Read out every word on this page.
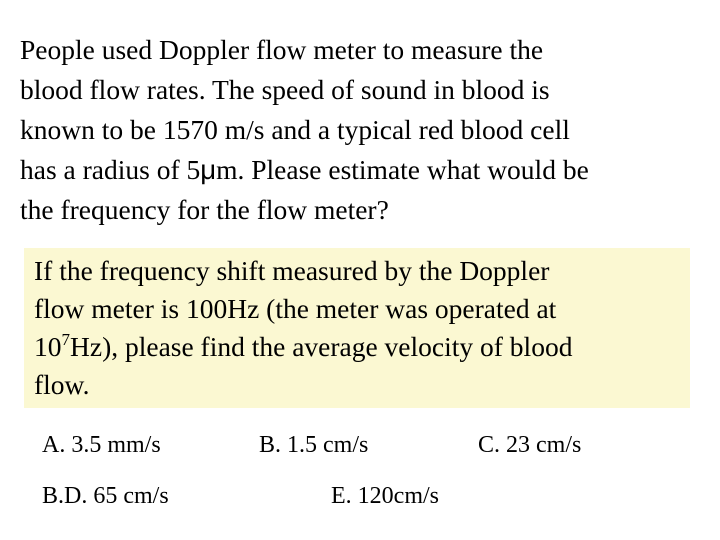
People used Doppler flow meter to measure the
blood flow rates. The speed of sound in blood is
known to be 1570 m/s and a typical red blood cell
has a radius of 5μm. Please estimate what would be
the frequency for the flow meter?
If the frequency shift measured by the Doppler
flow meter is 100Hz (the meter was operated at
$10^7Hz$), please find the average velocity of blood
flow.
A. 3.5 mm/s	B. 1.5 cm/s	C. 23 cm/s
B.D. 65 cm/s	E. 120cm/s
